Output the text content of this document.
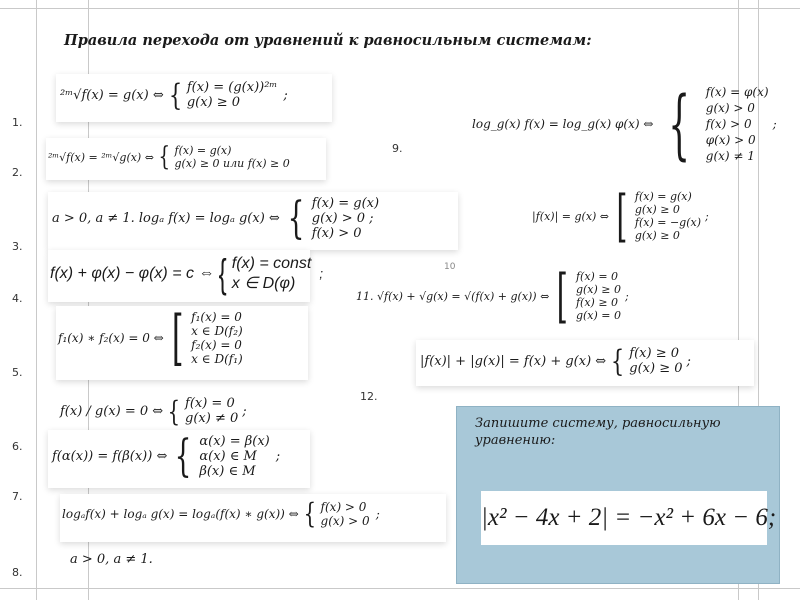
Правила перехода от уравнений к равносильным системам:
1.
2.
3.
4.
5.
6.
7.
8.
9.
10
12.
²ᵐ√f(x) = g(x) ⇔ { f(x) = (g(x))²ᵐ
g(x) ≥ 0	;
²ᵐ√f(x) = ²ᵐ√g(x) ⇔ { f(x) = g(x)
g(x) ≥ 0 или f(x) ≥ 0
a > 0, a ≠ 1. logₐ f(x) = logₐ g(x) ⇔ { f(x) = g(x)
g(x) > 0 ;
f(x) > 0
f(x) + φ(x) − φ(x) = c ⇔ { f(x) = const
x ∈ D(φ)
;
f₁(x) ∗ f₂(x) = 0 ⇔ [ f₁(x) = 0
x ∈ D(f₂)
f₂(x) = 0
x ∈ D(f₁)
f(x) / g(x) = 0 ⇔ { f(x) = 0
g(x) ≠ 0 ;
f(α(x)) = f(β(x)) ⇔ { α(x) = β(x)
α(x) ∈ M
β(x) ∈ M
;
logₐf(x) + logₐ g(x) = logₐ(f(x) ∗ g(x)) ⇔ { f(x) > 0
g(x) > 0 ;
a > 0, a ≠ 1.
log_g(x) f(x) = log_g(x) φ(x) ⇔ { f(x) = φ(x)
g(x) > 0
f(x) > 0
φ(x) > 0
g(x) ≠ 1
;
|f(x)| = g(x) ⇔ [ f(x) = g(x)
g(x) ≥ 0
f(x) = −g(x)
g(x) ≥ 0
;
11. √f(x) + √g(x) = √(f(x) + g(x)) ⇔ [ f(x) = 0
g(x) ≥ 0
f(x) ≥ 0
g(x) = 0
;
|f(x)| + |g(x)| = f(x) + g(x) ⇔ { f(x) ≥ 0
g(x) ≥ 0 ;
Запишите систему, равносильную уравнению:
|x² − 4x + 2| = −x² + 6x − 6;
